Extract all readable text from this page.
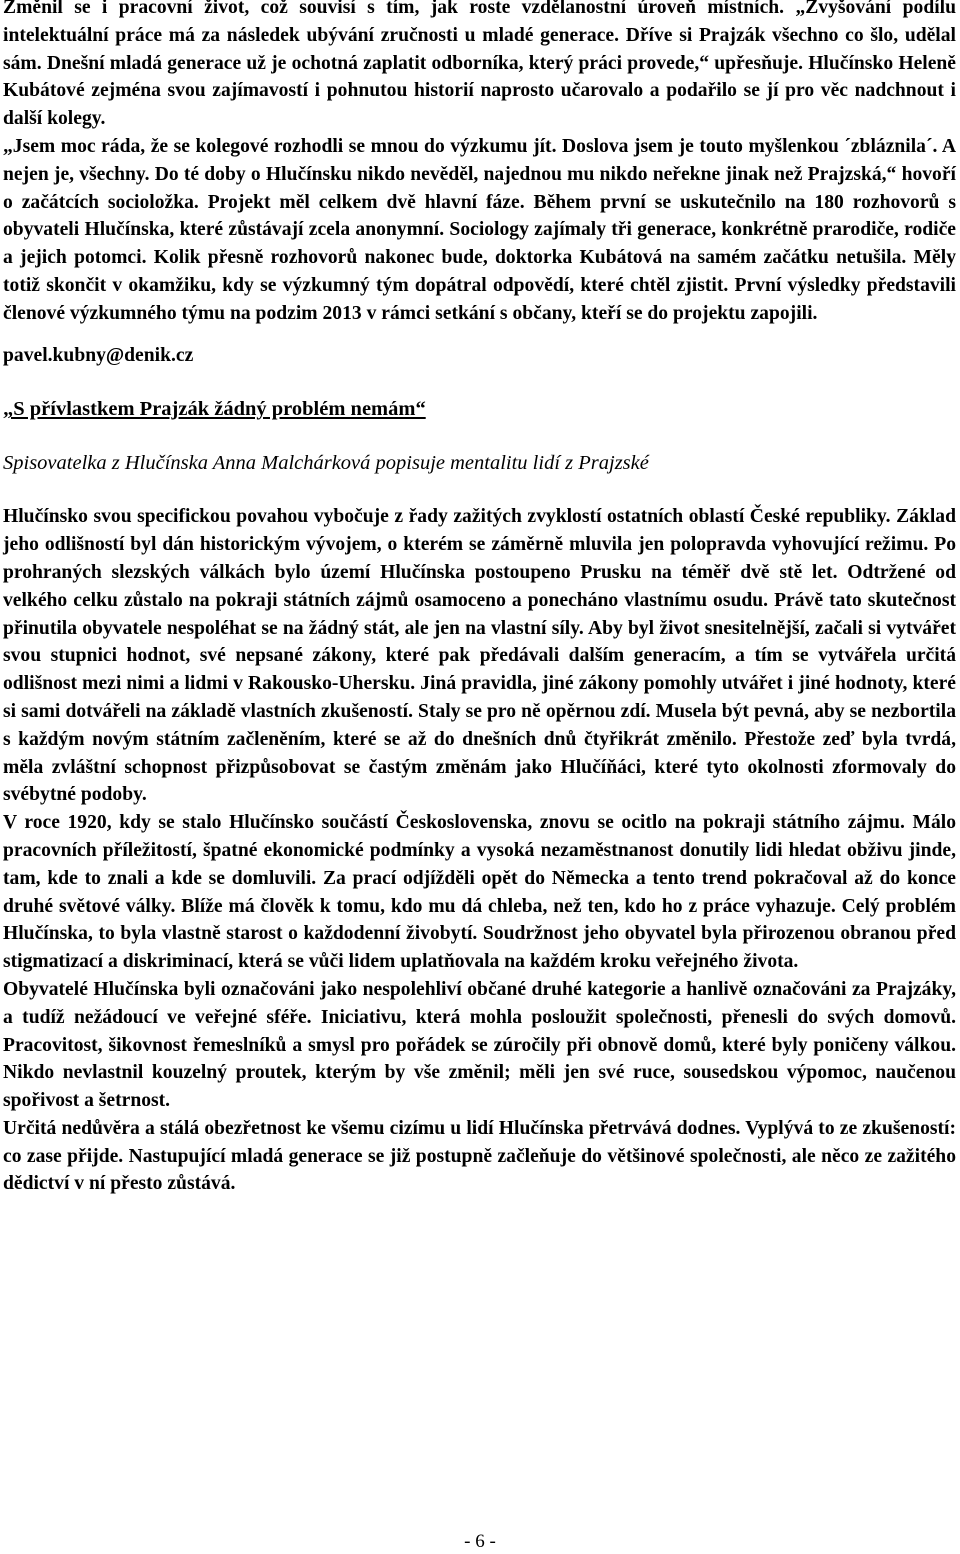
Změnil se i pracovní život, což souvisí s tím, jak roste vzdělanostní úroveň místních. „Zvyšování podílu intelektuální práce má za následek ubývání zručnosti u mladé generace. Dříve si Prajzák všechno co šlo, udělal sám. Dnešní mladá generace už je ochotná zaplatit odborníka, který práci provede,“ upřesňuje. Hlučínsko Heleně Kubátové zejména svou zajímavostí i pohnutou historií naprosto učarovalo a podařilo se jí pro věc nadchnout i další kolegy.

„Jsem moc ráda, že se kolegové rozhodli se mnou do výzkumu jít. Doslova jsem je touto myšlenkou ´zbláznila´. A nejen je, všechny. Do té doby o Hlučínsku nikdo nevěděl, najednou mu nikdo neřekne jinak než Prajzská,“ hovoří o začátcích socioložka. Projekt měl celkem dvě hlavní fáze. Během první se uskutečnilo na 180 rozhovorů s obyvateli Hlučínska, které zůstávají zcela anonymní. Sociology zajímaly tři generace, konkrétně prarodiče, rodiče a jejich potomci. Kolik přesně rozhovorů nakonec bude, doktorka Kubátová na samém začátku netušila. Měly totiž skončit v okamžiku, kdy se výzkumný tým dopátral odpovědí, které chtěl zjistit. První výsledky představili členové výzkumného týmu na podzim 2013 v rámci setkání s občany, kteří se do projektu zapojili.

pavel.kubny@denik.cz

„S přívlastkem Prajzák žádný problém nemám“

Spisovatelka z Hlučínska Anna Malchárková popisuje mentalitu lidí z Prajzské

Hlučínsko svou specifickou povahou vybočuje z řady zažitých zvyklostí ostatních oblastí České republiky. Základ jeho odlišností byl dán historickým vývojem, o kterém se záměrně mluvila jen polopravda vyhovující režimu. Po prohraných slezských válkách bylo území Hlučínska postoupeno Prusku na téměř dvě stě let. Odtržené od velkého celku zůstalo na pokraji státních zájmů osamoceno a ponecháno vlastnímu osudu. Právě tato skutečnost přinutila obyvatele nespoléhat se na žádný stát, ale jen na vlastní síly. Aby byl život snesitelnější, začali si vytvářet svou stupnici hodnot, své nepsané zákony, které pak předávali dalším generacím, a tím se vytvářela určitá odlišnost mezi nimi a lidmi v Rakousko-Uhersku. Jiná pravidla, jiné zákony pomohly utvářet i jiné hodnoty, které si sami dotvářeli na základě vlastních zkušeností. Staly se pro ně opěrnou zdí. Musela být pevná, aby se nezbortila s každým novým státním začleněním, které se až do dnešních dnů čtyřikrát změnilo. Přestože zeď byla tvrdá, měla zvláštní schopnost přizpůsobovat se častým změnám jako Hlučíňáci, které tyto okolnosti zformovaly do svébytné podoby.

V roce 1920, kdy se stalo Hlučínsko součástí Československa, znovu se ocitlo na pokraji státního zájmu. Málo pracovních příležitostí, špatné ekonomické podmínky a vysoká nezaměstnanost donutily lidi hledat obživu jinde, tam, kde to znali a kde se domluvili. Za prací odjížděli opět do Německa a tento trend pokračoval až do konce druhé světové války. Blíže má člověk k tomu, kdo mu dá chleba, než ten, kdo ho z práce vyhazuje. Celý problém Hlučínska, to byla vlastně starost o každodenní živobytí. Soudržnost jeho obyvatel byla přirozenou obranou před stigmatizací a diskriminací, která se vůči lidem uplatňovala na každém kroku veřejného života.

Obyvatelé Hlučínska byli označováni jako nespolehliví občané druhé kategorie a hanlivě označováni za Prajzáky, a tudíž nežádoucí ve veřejné sféře. Iniciativu, která mohla posloužit společnosti, přenesli do svých domovů. Pracovitost, šikovnost řemeslníků a smysl pro pořádek se zúročily při obnově domů, které byly poničeny válkou. Nikdo nevlastnil kouzelný proutek, kterým by vše změnil; měli jen své ruce, sousedskou výpomoc, naučenou spořivost a šetrnost.

Určitá nedůvěra a stálá obezřetnost ke všemu cizímu u lidí Hlučínska přetrvává dodnes. Vyplývá to ze zkušeností: co zase přijde. Nastupující mladá generace se již postupně začleňuje do většinové společnosti, ale něco ze zažitého dědictví v ní přesto zůstává.

- 6 -
